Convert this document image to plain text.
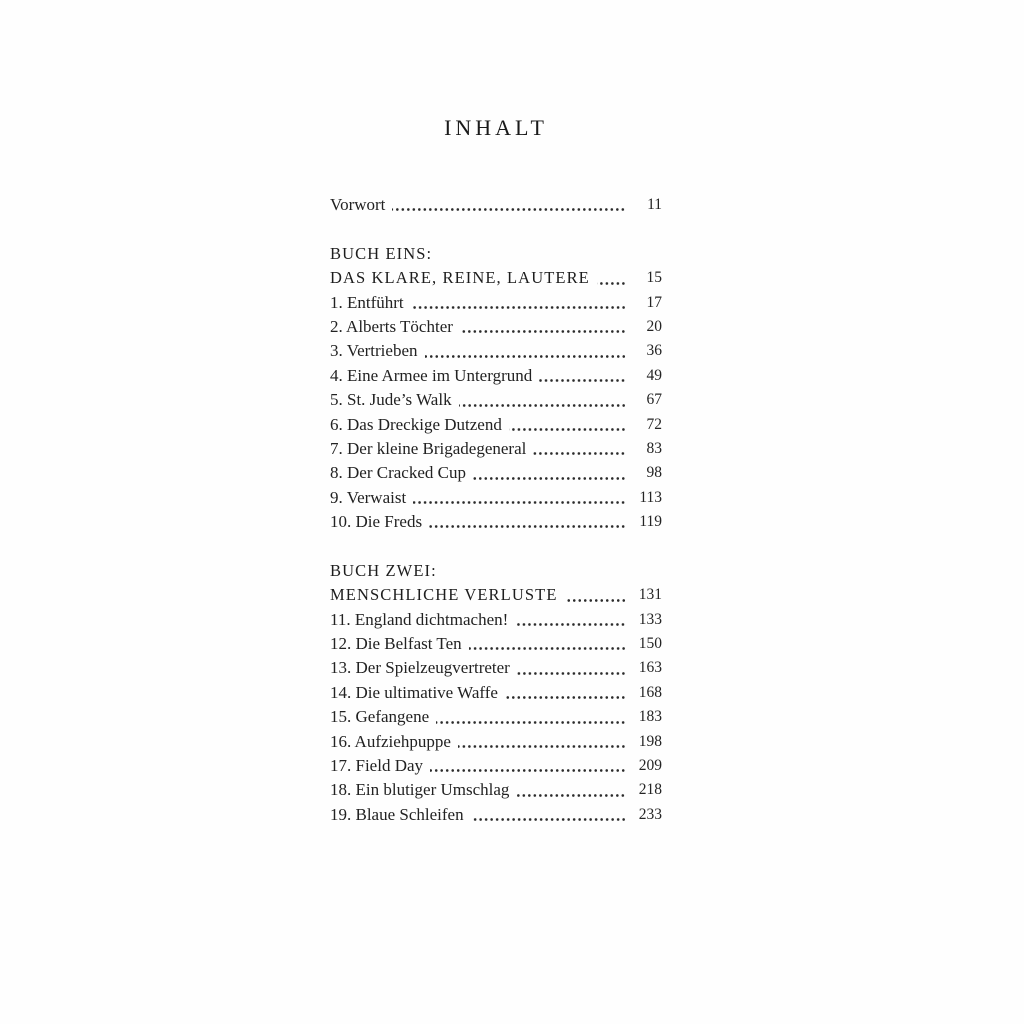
INHALT
Vorwort	11
BUCH EINS:
DAS KLARE, REINE, LAUTERE	15
1. Entführt	17
2. Alberts Töchter	20
3. Vertrieben	36
4. Eine Armee im Untergrund	49
5. St. Jude’s Walk	67
6. Das Dreckige Dutzend	72
7. Der kleine Brigadegeneral	83
8. Der Cracked Cup	98
9. Verwaist	113
10. Die Freds	119
BUCH ZWEI:
MENSCHLICHE VERLUSTE	131
11. England dichtmachen!	133
12. Die Belfast Ten	150
13. Der Spielzeugvertreter	163
14. Die ultimative Waffe	168
15. Gefangene	183
16. Aufziehpuppe	198
17. Field Day	209
18. Ein blutiger Umschlag	218
19. Blaue Schleifen	233
